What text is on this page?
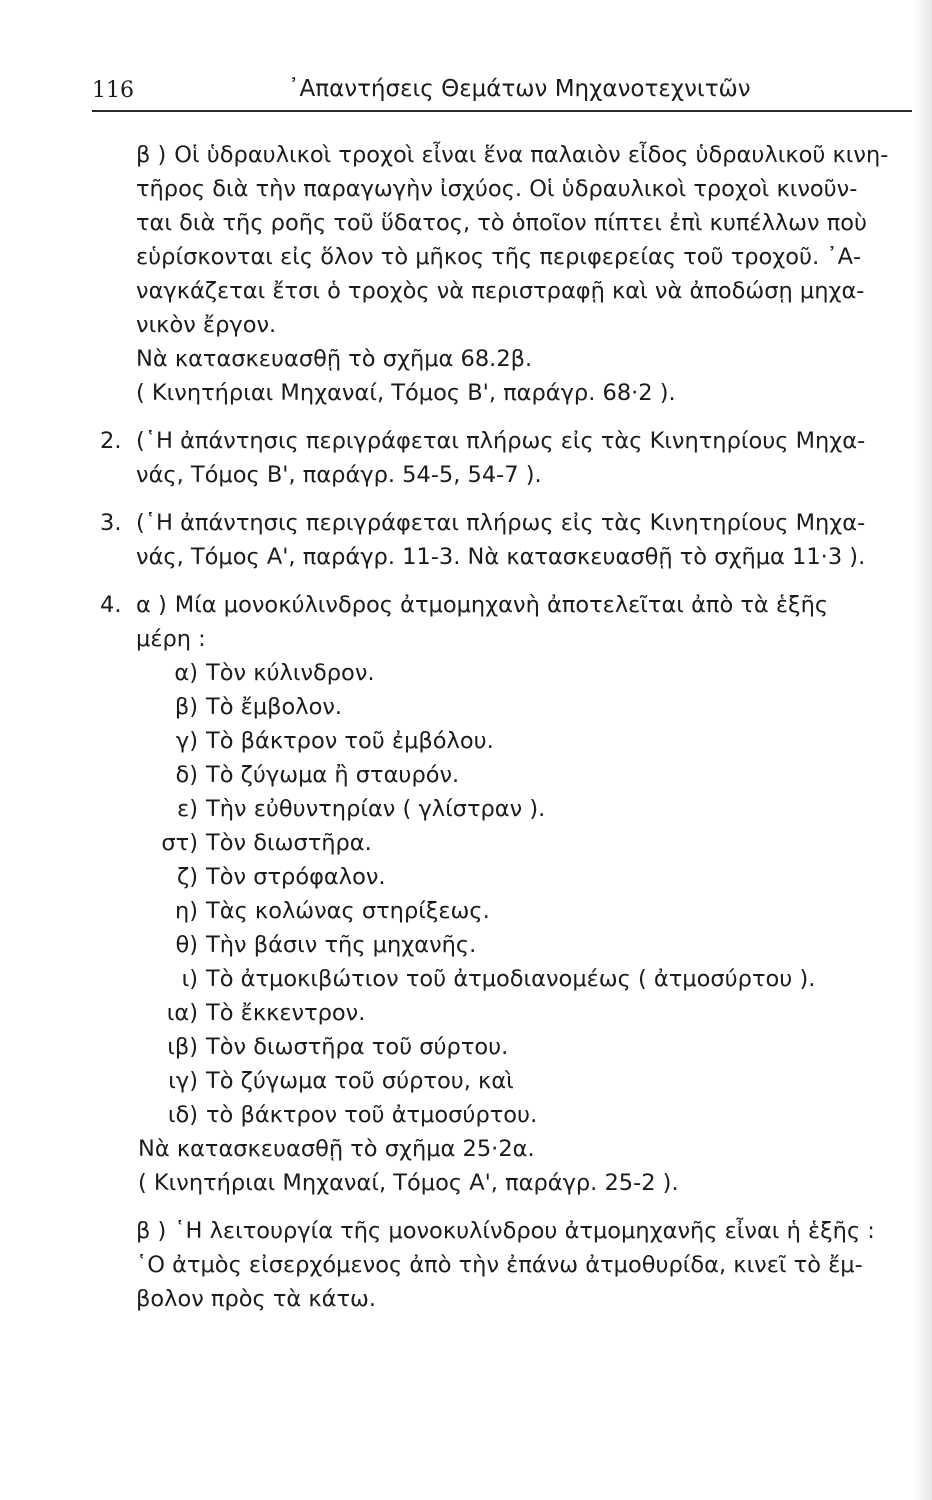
116	᾿Απαντήσεις Θεμάτων Μηχανοτεχνιτῶν
β ) Οἱ ὑδραυλικοὶ τροχοὶ εἶναι ἕνα παλαιὸν εἶδος ὑδραυλικοῦ κινη-
τῆρος διὰ τὴν παραγωγὴν ἰσχύος. Οἱ ὑδραυλικοὶ τροχοὶ κινοῦν-
ται διὰ τῆς ροῆς τοῦ ὕδατος, τὸ ὁποῖον πίπτει ἐπὶ κυπέλλων ποὺ
εὑρίσκονται εἰς ὅλον τὸ μῆκος τῆς περιφερείας τοῦ τροχοῦ. ᾿Α-
ναγκάζεται ἔτσι ὁ τροχὸς νὰ περιστραφῇ καὶ νὰ ἀποδώσῃ μηχα-
νικὸν ἔργον.
Νὰ κατασκευασθῇ τὸ σχῆμα 68.2β.
( Κινητήριαι Μηχαναί, Τόμος Β', παράγρ. 68·2 ).
2. (῾Η ἀπάντησις περιγράφεται πλήρως εἰς τὰς Κινητηρίους Μηχα-
νάς, Τόμος Β', παράγρ. 54-5, 54-7 ).
3. (῾Η ἀπάντησις περιγράφεται πλήρως εἰς τὰς Κινητηρίους Μηχα-
νάς, Τόμος Α', παράγρ. 11-3. Νὰ κατασκευασθῇ τὸ σχῆμα 11·3 ).
4. α ) Μία μονοκύλινδρος ἀτμομηχανὴ ἀποτελεῖται ἀπὸ τὰ ἑξῆς
μέρη :
α) Τὸν κύλινδρον.
β) Τὸ ἔμβολον.
γ) Τὸ βάκτρον τοῦ ἐμβόλου.
δ) Τὸ ζύγωμα ἢ σταυρόν.
ε) Τὴν εὐθυντηρίαν ( γλίστραν ).
στ) Τὸν διωστῆρα.
ζ) Τὸν στρόφαλον.
η) Τὰς κολώνας στηρίξεως.
θ) Τὴν βάσιν τῆς μηχανῆς.
ι) Τὸ ἀτμοκιβώτιον τοῦ ἀτμοδιανομέως ( ἀτμοσύρτου ).
ια) Τὸ ἔκκεντρον.
ιβ) Τὸν διωστῆρα τοῦ σύρτου.
ιγ) Τὸ ζύγωμα τοῦ σύρτου, καὶ
ιδ) τὸ βάκτρον τοῦ ἀτμοσύρτου.
Νὰ κατασκευασθῇ τὸ σχῆμα 25·2α.
( Κινητήριαι Μηχαναί, Τόμος Α', παράγρ. 25-2 ).
β ) ῾Η λειτουργία τῆς μονοκυλίνδρου ἀτμομηχανῆς εἶναι ἡ ἑξῆς :
῾Ο ἀτμὸς εἰσερχόμενος ἀπὸ τὴν ἐπάνω ἀτμοθυρίδα, κινεῖ τὸ ἔμ-
βολον πρὸς τὰ κάτω.
